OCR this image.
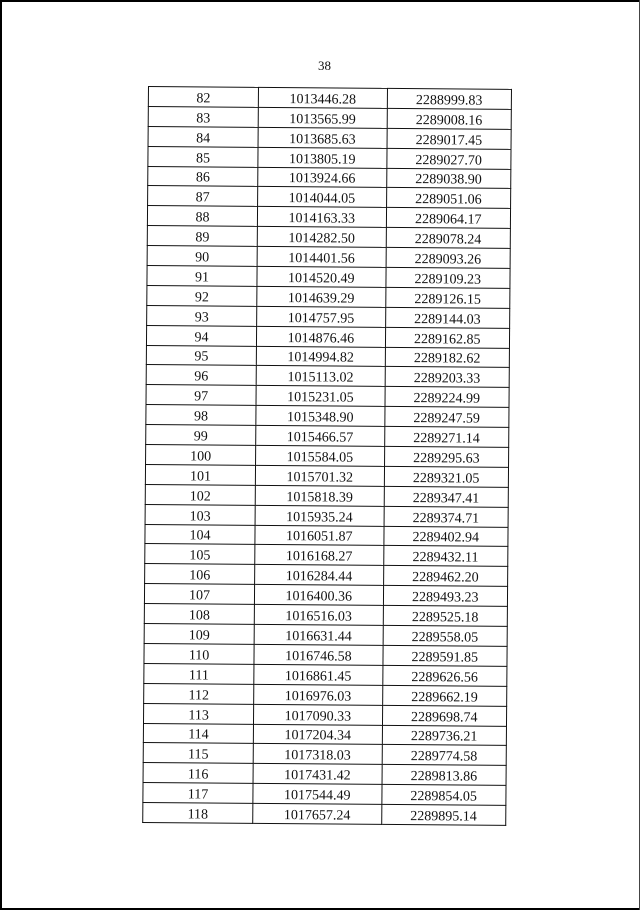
38
82	1013446.28	2288999.83
83	1013565.99	2289008.16
84	1013685.63	2289017.45
85	1013805.19	2289027.70
86	1013924.66	2289038.90
87	1014044.05	2289051.06
88	1014163.33	2289064.17
89	1014282.50	2289078.24
90	1014401.56	2289093.26
91	1014520.49	2289109.23
92	1014639.29	2289126.15
93	1014757.95	2289144.03
94	1014876.46	2289162.85
95	1014994.82	2289182.62
96	1015113.02	2289203.33
97	1015231.05	2289224.99
98	1015348.90	2289247.59
99	1015466.57	2289271.14
100	1015584.05	2289295.63
101	1015701.32	2289321.05
102	1015818.39	2289347.41
103	1015935.24	2289374.71
104	1016051.87	2289402.94
105	1016168.27	2289432.11
106	1016284.44	2289462.20
107	1016400.36	2289493.23
108	1016516.03	2289525.18
109	1016631.44	2289558.05
110	1016746.58	2289591.85
111	1016861.45	2289626.56
112	1016976.03	2289662.19
113	1017090.33	2289698.74
114	1017204.34	2289736.21
115	1017318.03	2289774.58
116	1017431.42	2289813.86
117	1017544.49	2289854.05
118	1017657.24	2289895.14
